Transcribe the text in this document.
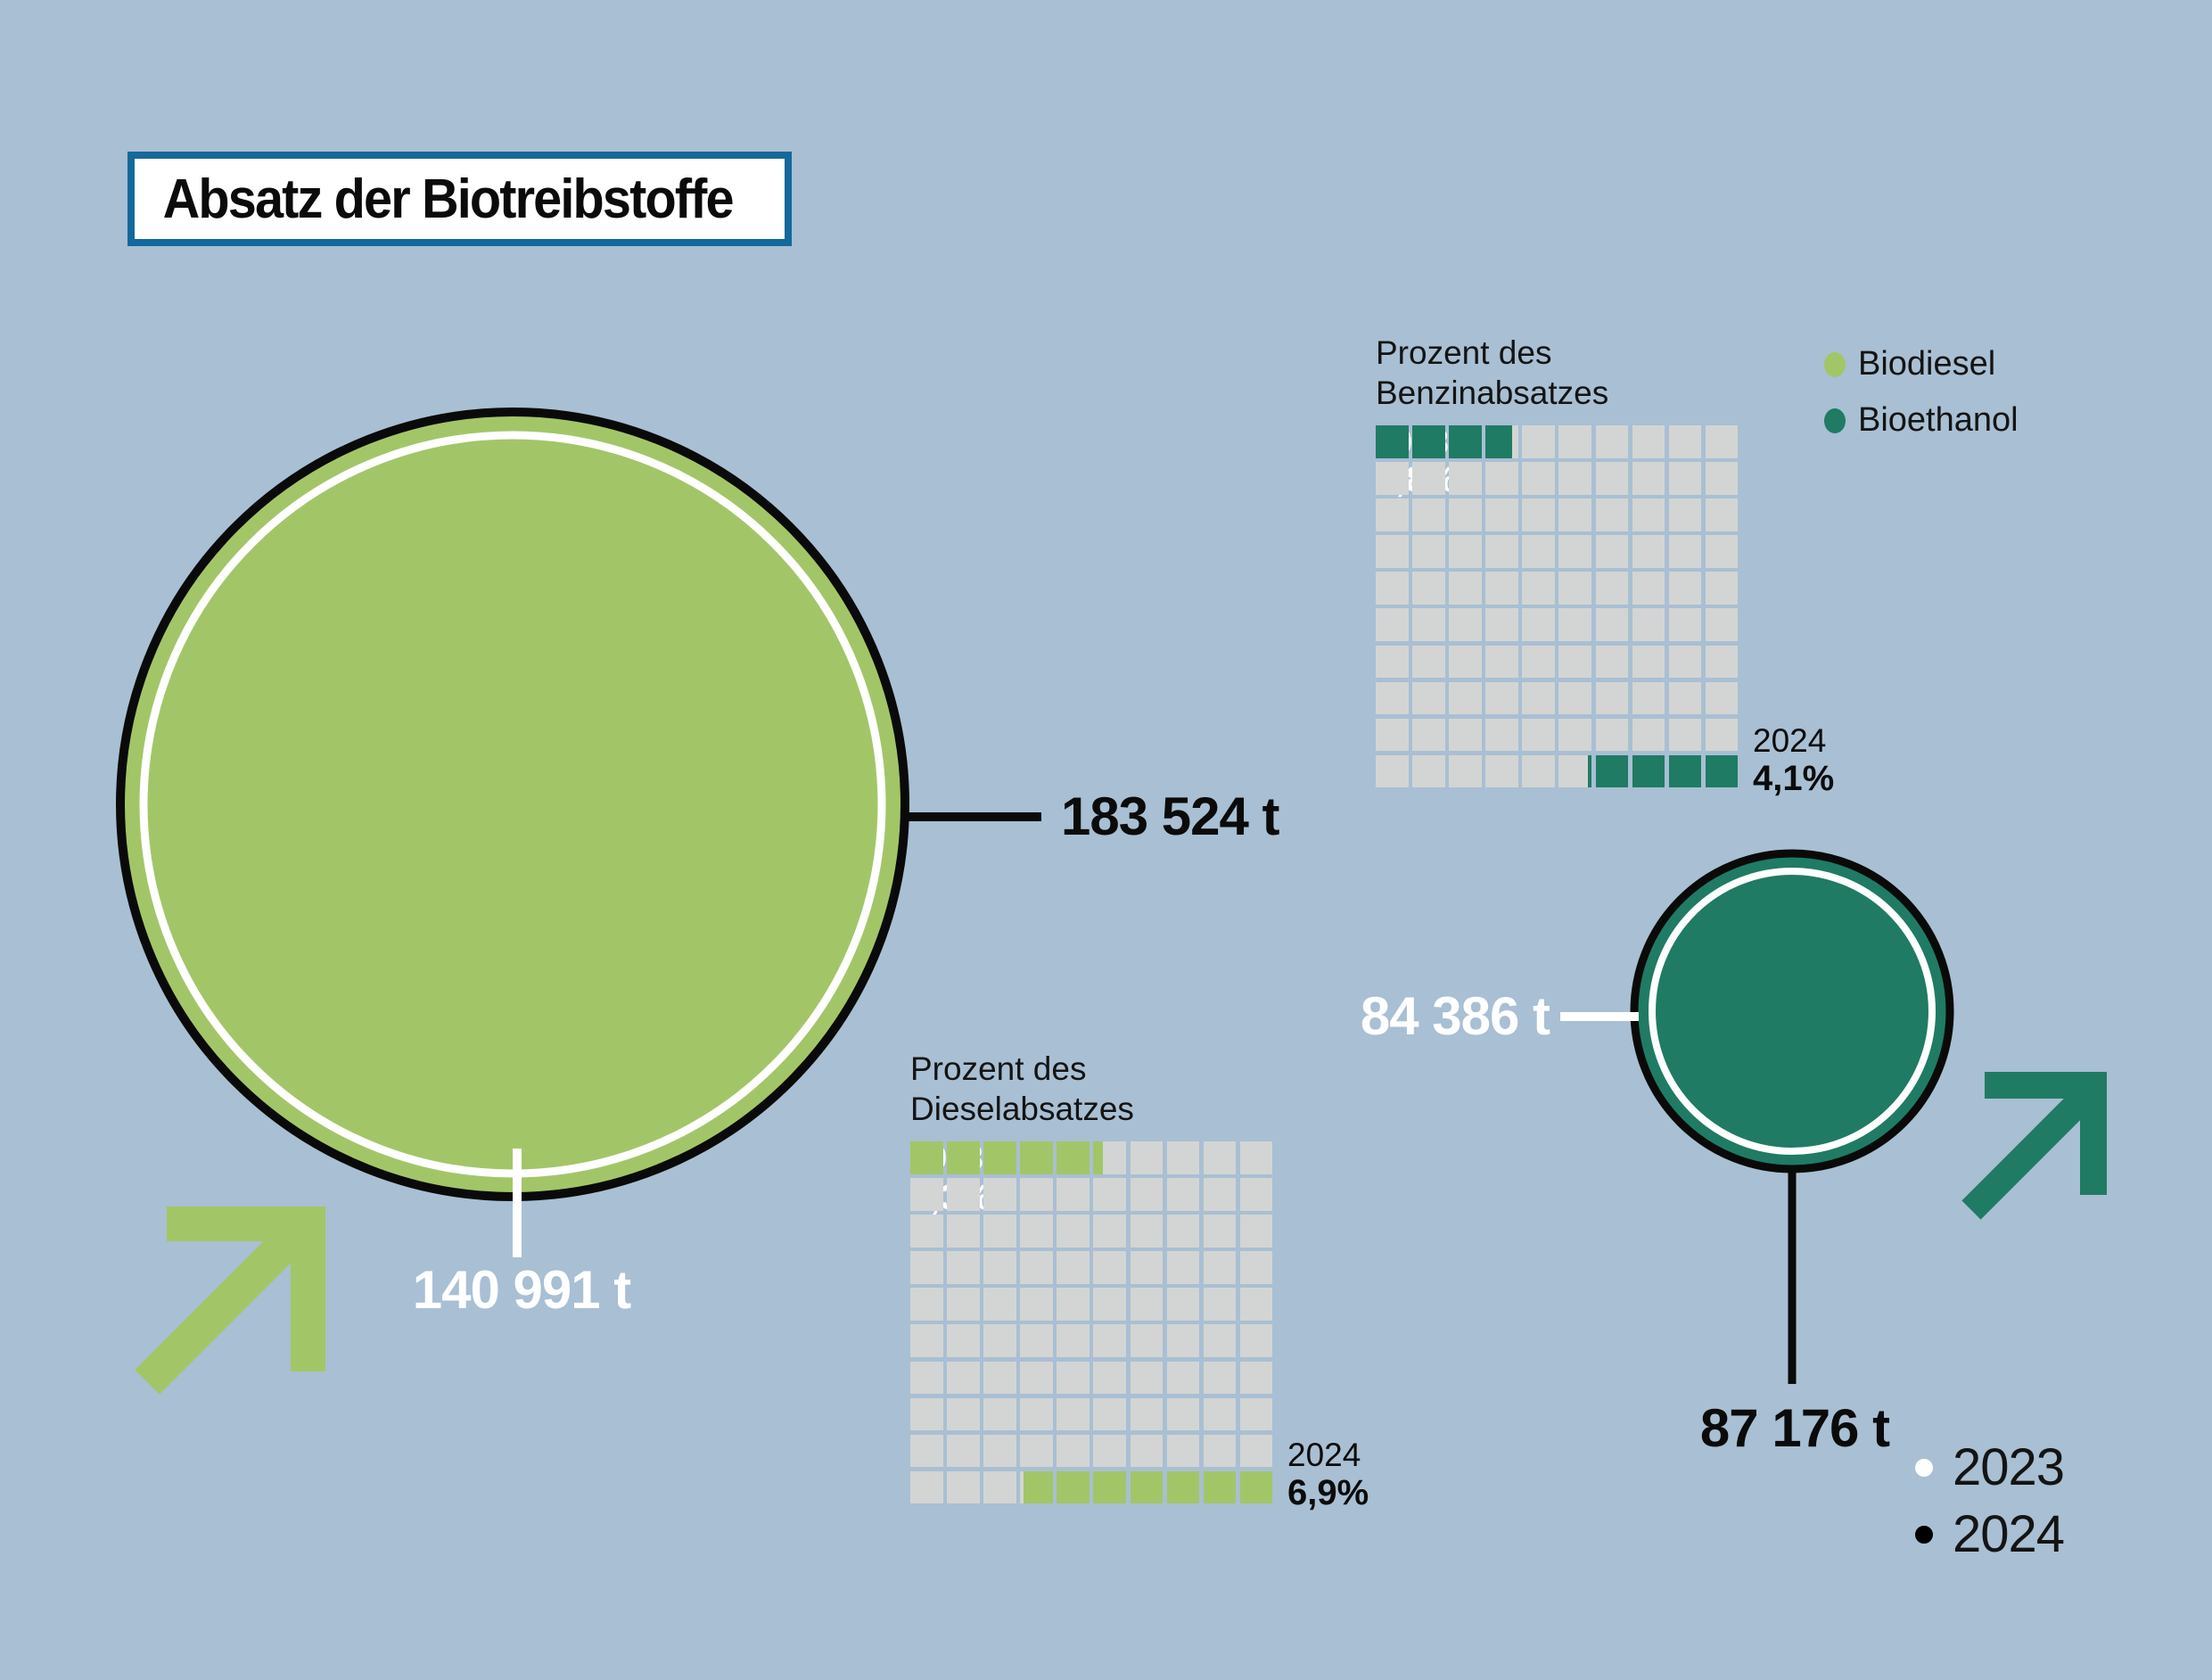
Absatz der Biotreibstoffe
183 524 t
140 991 t
84 386 t
87 176 t
Prozent des
Benzinabsatzes
2024
4,1%
Prozent des
Dieselabsatzes
2024
6,9%
Biodiesel
Bioethanol
2023
2024
